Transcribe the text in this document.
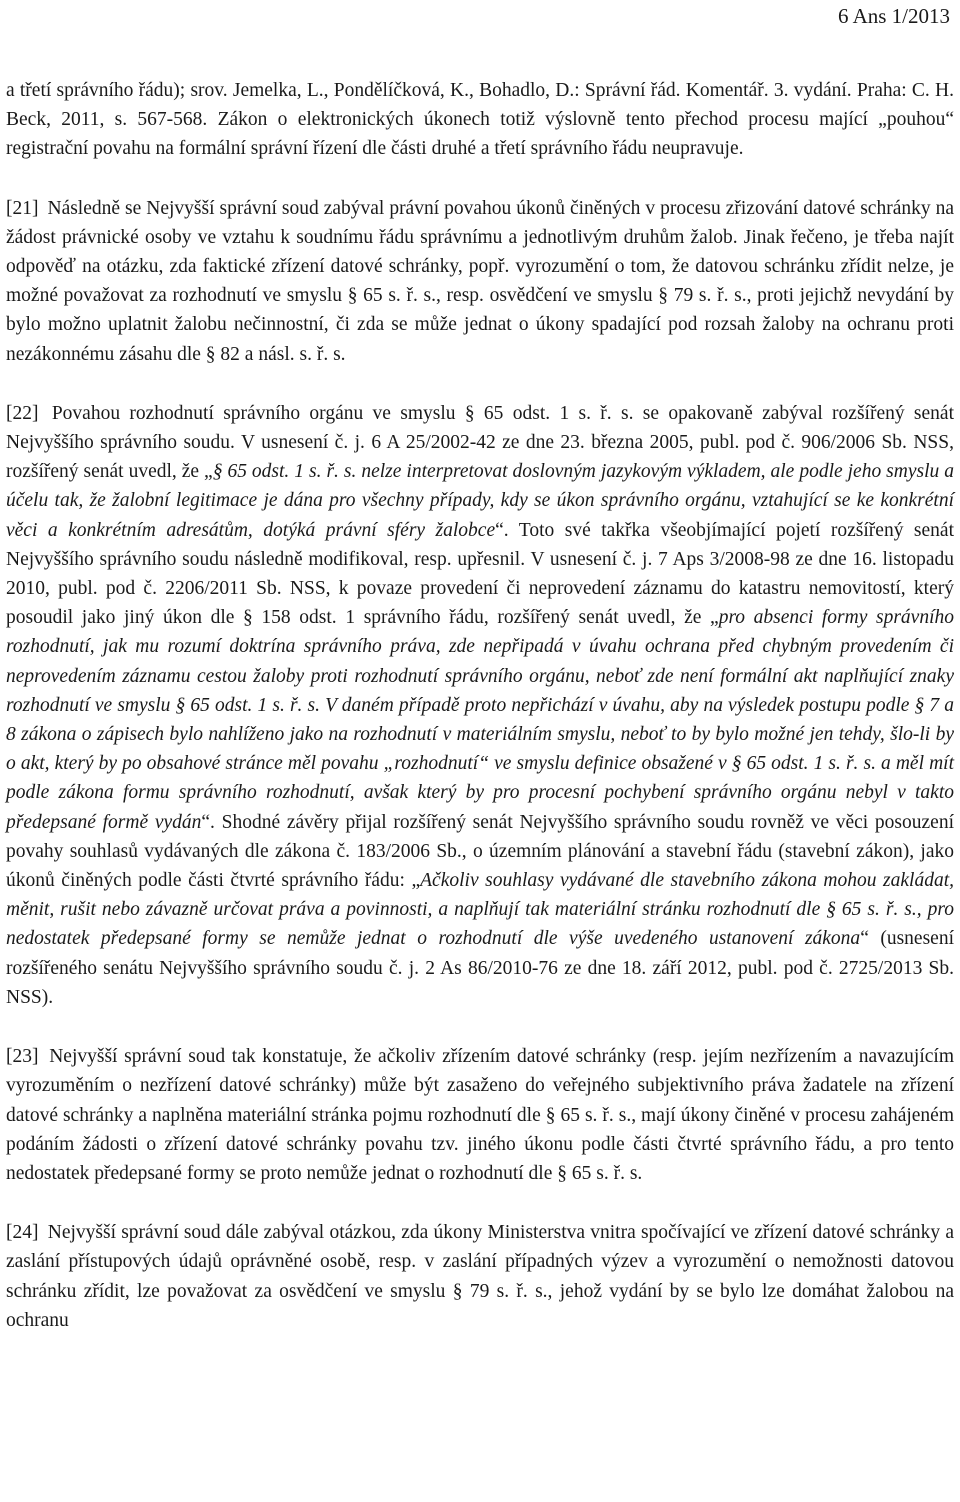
6 Ans 1/2013

a třetí správního řádu); srov. Jemelka, L., Pondělíčková, K., Bohadlo, D.: Správní řád. Komentář. 3. vydání. Praha: C. H. Beck, 2011, s. 567-568. Zákon o elektronických úkonech totiž výslovně tento přechod procesu mající „pouhou“ registrační povahu na formální správní řízení dle části druhé a třetí správního řádu neupravuje.

[21] Následně se Nejvyšší správní soud zabýval právní povahou úkonů činěných v procesu zřizování datové schránky na žádost právnické osoby ve vztahu k soudnímu řádu správnímu a jednotlivým druhům žalob. Jinak řečeno, je třeba najít odpověď na otázku, zda faktické zřízení datové schránky, popř. vyrozumění o tom, že datovou schránku zřídit nelze, je možné považovat za rozhodnutí ve smyslu § 65 s. ř. s., resp. osvědčení ve smyslu § 79 s. ř. s., proti jejichž nevydání by bylo možno uplatnit žalobu nečinnostní, či zda se může jednat o úkony spadající pod rozsah žaloby na ochranu proti nezákonnému zásahu dle § 82 a násl. s. ř. s.

[22] Povahou rozhodnutí správního orgánu ve smyslu § 65 odst. 1 s. ř. s. se opakovaně zabýval rozšířený senát Nejvyššího správního soudu. V usnesení č. j. 6 A 25/2002-42 ze dne 23. března 2005, publ. pod č. 906/2006 Sb. NSS, rozšířený senát uvedl, že „§ 65 odst. 1 s. ř. s. nelze interpretovat doslovným jazykovým výkladem, ale podle jeho smyslu a účelu tak, že žalobní legitimace je dána pro všechny případy, kdy se úkon správního orgánu, vztahující se ke konkrétní věci a konkrétním adresátům, dotýká právní sféry žalobce“. Toto své takřka všeobjímající pojetí rozšířený senát Nejvyššího správního soudu následně modifikoval, resp. upřesnil. V usnesení č. j. 7 Aps 3/2008-98 ze dne 16. listopadu 2010, publ. pod č. 2206/2011 Sb. NSS, k povaze provedení či neprovedení záznamu do katastru nemovitostí, který posoudil jako jiný úkon dle § 158 odst. 1 správního řádu, rozšířený senát uvedl, že „pro absenci formy správního rozhodnutí, jak mu rozumí doktrína správního práva, zde nepřipadá v úvahu ochrana před chybným provedením či neprovedením záznamu cestou žaloby proti rozhodnutí správního orgánu, neboť zde není formální akt naplňující znaky rozhodnutí ve smyslu § 65 odst. 1 s. ř. s. V daném případě proto nepřichází v úvahu, aby na výsledek postupu podle § 7 a 8 zákona o zápisech bylo nahlíženo jako na rozhodnutí v materiálním smyslu, neboť to by bylo možné jen tehdy, šlo-li by o akt, který by po obsahové stránce měl povahu „rozhodnutí“ ve smyslu definice obsažené v § 65 odst. 1 s. ř. s. a měl mít podle zákona formu správního rozhodnutí, avšak který by pro procesní pochybení správního orgánu nebyl v takto předepsané formě vydán“. Shodné závěry přijal rozšířený senát Nejvyššího správního soudu rovněž ve věci posouzení povahy souhlasů vydávaných dle zákona č. 183/2006 Sb., o územním plánování a stavební řádu (stavební zákon), jako úkonů činěných podle části čtvrté správního řádu: „Ačkoliv souhlasy vydávané dle stavebního zákona mohou zakládat, měnit, rušit nebo závazně určovat práva a povinnosti, a naplňují tak materiální stránku rozhodnutí dle § 65 s. ř. s., pro nedostatek předepsané formy se nemůže jednat o rozhodnutí dle výše uvedeného ustanovení zákona“ (usnesení rozšířeného senátu Nejvyššího správního soudu č. j. 2 As 86/2010-76 ze dne 18. září 2012, publ. pod č. 2725/2013 Sb. NSS).

[23] Nejvyšší správní soud tak konstatuje, že ačkoliv zřízením datové schránky (resp. jejím nezřízením a navazujícím vyrozuměním o nezřízení datové schránky) může být zasaženo do veřejného subjektivního práva žadatele na zřízení datové schránky a naplněna materiální stránka pojmu rozhodnutí dle § 65 s. ř. s., mají úkony činěné v procesu zahájeném podáním žádosti o zřízení datové schránky povahu tzv. jiného úkonu podle části čtvrté správního řádu, a pro tento nedostatek předepsané formy se proto nemůže jednat o rozhodnutí dle § 65 s. ř. s.

[24] Nejvyšší správní soud dále zabýval otázkou, zda úkony Ministerstva vnitra spočívající ve zřízení datové schránky a zaslání přístupových údajů oprávněné osobě, resp. v zaslání případných výzev a vyrozumění o nemožnosti datovou schránku zřídit, lze považovat za osvědčení ve smyslu § 79 s. ř. s., jehož vydání by se bylo lze domáhat žalobou na ochranu
